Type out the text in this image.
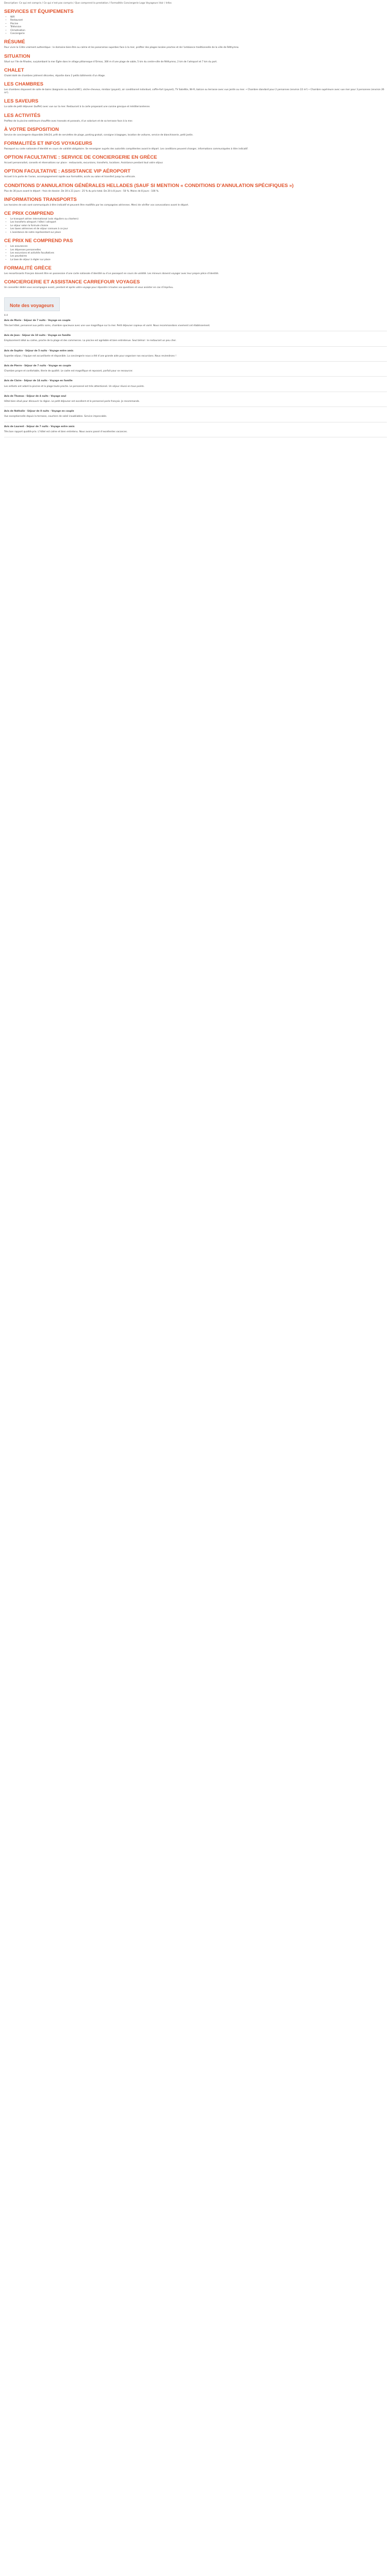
Description: Ce qui est compris / Ce qui n'est pas compris / Que comprend la prestation / Formalités Conciergerie Logo Voyageurs Voir / Infos
SERVICES ET ÉQUIPEMENTS
• Wifi
• Restaurant
• Piscine
• Télévision
• Climatisation
• Conciergerie
RÉSUMÉ
Pour vivre la Crète vraiment authentique : le domaine bien-être au calme et les panoramas superbes face à la mer, profiter des plages locales proches et de l’ambiance traditionnelle de la ville de Réthymno.
SITUATION
Situé sur l’île de Rhodes, surplombant la mer Égée dans le village pittoresque d’Ormos, 300 m d’une plage de sable, 5 km du centre-ville de Réthymno, 2 km de l’aéroport et 7 km du port.
CHALET
Chalet doté de chambres joliment décorées, répartie dans 2 petits bâtiments d’un étage.
LES CHAMBRES
Les chambres disposent de salle de bains (baignoire ou douche/WC), sèche-cheveux, minibar (payant), air conditionné individuel, coffre-fort (payant), TV Satellite, Wi-Fi, balcon ou terrasse avec vue jardin ou mer. • Chambre standard pour 2 personnes (environ 22 m²) • Chambre supérieure avec vue mer pour 3 personnes (environ 26 m²).
LES SAVEURS
La salle de petit déjeuner (buffet) avec vue sur la mer. Restaurant à la carte proposant une cuisine grecque et méditerranéenne.
LES ACTIVITÉS
Profitez de la piscine extérieure chauffée avec transats et parasols, d’un solarium et de sa terrasse face à la mer.
À VOTRE DISPOSITION
Service de conciergerie disponible 24h/24, prêt de serviettes de plage, parking gratuit, consigne à bagages, location de voitures, service de blanchisserie, petit jardin.
FORMALITÉS ET INFOS VOYAGEURS
Passeport ou carte nationale d’identité en cours de validité obligatoire. Se renseigner auprès des autorités compétentes avant le départ. Les conditions peuvent changer, informations communiquées à titre indicatif.
OPTION FACULTATIVE : SERVICE DE CONCIERGERIE EN GRÈCE
Accueil personnalisé, conseils et réservations sur place : restaurants, excursions, transferts, locations. Assistance pendant tout votre séjour.
OPTION FACULTATIVE : ASSISTANCE VIP AÉROPORT
Accueil à la porte de l’avion, accompagnement rapide aux formalités, accès au salon et transfert jusqu’au véhicule.
CONDITIONS D’ANNULATION GÉNÉRALES HELLADES (SAUF SI MENTION « CONDITIONS D’ANNULATION SPÉCIFIQUES »)
Plus de 30 jours avant le départ : frais de dossier. De 30 à 21 jours : 25 % du prix total. De 20 à 8 jours : 50 %. Moins de 8 jours : 100 %.
INFORMATIONS TRANSPORTS
Les horaires de vols sont communiqués à titre indicatif et peuvent être modifiés par les compagnies aériennes. Merci de vérifier vos convocations avant le départ.
CE PRIX COMPREND
• Le transport aérien international (vols réguliers ou charters)
• Les transferts aéroport / hôtel / aéroport
• Le séjour selon la formule choisie
• Les taxes aériennes et de séjour connues à ce jour
• L’assistance de notre représentant sur place
CE PRIX NE COMPREND PAS
• Les assurances
• Les dépenses personnelles
• Les excursions et activités facultatives
• Les pourboires
• La taxe de séjour à régler sur place
FORMALITÉ GRÈCE
Les ressortissants français doivent être en possession d’une carte nationale d’identité ou d’un passeport en cours de validité. Les mineurs doivent voyager avec leur propre pièce d’identité.
CONCIERGERIE ET ASSISTANCE CARREFOUR VOYAGES
Un conseiller dédié vous accompagne avant, pendant et après votre voyage pour répondre à toutes vos questions et vous assister en cas d’imprévu.
Note des voyageurs
4.4
Avis de Marie · Séjour de 7 nuits · Voyage en couple
Très bel hôtel, personnel aux petits soins, chambre spacieuse avec une vue magnifique sur la mer. Petit déjeuner copieux et varié. Nous recommandons vivement cet établissement.
Avis de Jean · Séjour de 10 nuits · Voyage en famille
Emplacement idéal au calme, proche de la plage et des commerces. La piscine est agréable et bien entretenue. Seul bémol : le restaurant un peu cher.
Avis de Sophie · Séjour de 5 nuits · Voyage entre amis
Superbe séjour, l’équipe est accueillante et disponible. La conciergerie nous a été d’une grande aide pour organiser nos excursions. Nous reviendrons !
Avis de Pierre · Séjour de 7 nuits · Voyage en couple
Chambre propre et confortable, literie de qualité. Le cadre est magnifique et reposant, parfait pour se ressourcer.
Avis de Claire · Séjour de 14 nuits · Voyage en famille
Les enfants ont adoré la piscine et la plage toute proche. Le personnel est très attentionné. Un séjour réussi en tous points.
Avis de Thomas · Séjour de 4 nuits · Voyage seul
Hôtel bien situé pour découvrir la région. Le petit déjeuner est excellent et le personnel parle français. Je recommande.
Avis de Nathalie · Séjour de 8 nuits · Voyage en couple
Vue exceptionnelle depuis la terrasse, couchers de soleil inoubliables. Service impeccable.
Avis de Laurent · Séjour de 7 nuits · Voyage entre amis
Très bon rapport qualité-prix. L’hôtel est calme et bien entretenu. Nous avons passé d’excellentes vacances.
